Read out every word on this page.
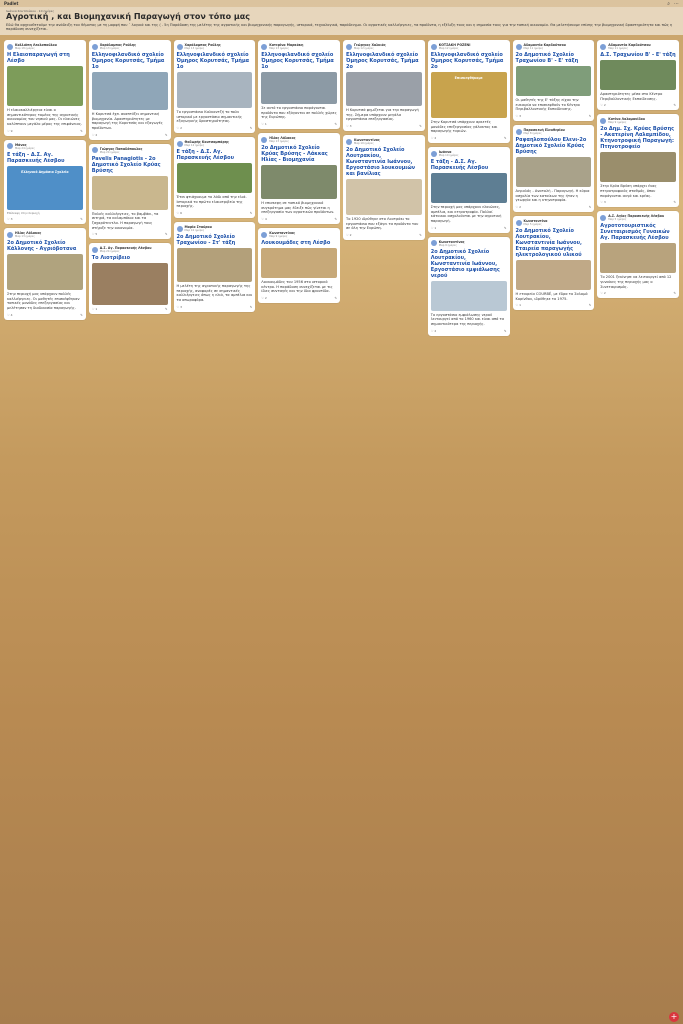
Padlet	⌕ ⋯
Ιωάννα Κουτσούκου · 10 ημέρες
Αγροτική , και Βιομηχανική Παραγωγή στον τόπο μας
Εδώ θα αρχειοθετούμε την ανάδειξη του θέματος με τη μορφή που ΄ λογικά και της ( . 5η Παράδοση της μελέτης της αγροτικής και βιομηχανικής παραγωγής, ιστορικά, τεχνολογικά, παράδειγμα. Οι αγροτικές καλλιέργειες, τα προϊόντα, η εξέλιξη τους και η σημασία τους για την τοπική οικονομία. Θα μελετήσουμε επίσης την βιομηχανική δραστηριότητα και πώς η παράδοση συνεχίζεται.
Καλλιόπη Λεολοπούλου
Μαρ 18 ημέρες
Η Ελαιοπαραγωγή στη Λέσβο
Η ελαιοκαλλιέργεια είναι ο σημαντικότερος τομέας της αγροτικής οικονομίας του νησιού μας. Οι ελαιώνες καλύπτουν μεγάλο μέρος της επιφάνειας.
♡ 9	✎
Μάνος
Μαρ 24 ημέρες
Ε τάξη - Δ.Σ. Αγ. Παρασκευής Λέσβου
Ελληνικό Δημόσιο Σχολείο
Επίσκεψη στην περιοχή
♡ 3	✎
Ηλίας Λόλακος
Μαρ 13 ημέρες
2ο Δημοτικό Σχολείο Κάλλονης - Αγριόβοτανα
Στην περιοχή μας υπάρχουν πολλές καλλιέργειες. Οι μαθητές επισκέφθηκαν τοπικές μονάδες επεξεργασίας και μελέτησαν τη διαδικασία παραγωγής.
♡ 4	✎
Χαράλαμπος Ρούλης
Μαρ 13 ημέρες
Ελληνοφιλανδικό σχολείο Όμηρος Κορυτσάς, Τμήμα 1ο
Η Κορυτσά έχει αναπτύξει σημαντική βιομηχανία. Δραστηριότητες με παραγωγή της Κορυτσάς και εξαγωγές προϊόντων.
♡ 2	✎
Γιώργος Παπαδόπουλος
Μαρ 24 ημέρες
Pavelis Panagiotis - 2ο Δημοτικό Σχολείο Κρύας Βρύσης
Παλιές καλλιέργειες, το βαμβάκι, τα σιτηρά, τα καλαμπόκια και τα ζαχαρότευτλα. Η παραγωγή τους στήριξε την οικονομία.
♡ 5	✎
Δ.Σ. Αγ. Παρασκευής Λέσβου
Μαρ 24 ημέρες
Το Λιοτρίβειο
♡ 1	✎
Χαράλαμπος Ρούλης
Μαρ 13 ημέρες
Ελληνοφιλανδικό σχολείο Όμηρος Κορυτσάς, Τμήμα 1ο
Το εργοστάσιο Καλκαντζή το πολυ ιστορικό με εργοστάσιο σημαντικής εξαγωγικής δραστηριότητας.
♡ 2	✎
Θοδωρής Κουτσαμπάρης
Μαρ 12 ημέρες
Ε τάξη - Δ.Σ. Αγ. Παρασκευής Λέσβου
Έτσι φτιάχνουμε το λάδι από την ελιά. Ιστορικά το πρώτο ελαιοτριβείο της περιοχής.
♡ 6	✎
Μαρία Σταύρου
Μαρ 10 ημέρες
2ο Δημοτικό Σχολείο Τραχωνίου - Στ' τάξη
Η μελέτη της αγροτικής παραγωγής της περιοχής, αναφορές σε σημαντικές καλλιέργειες όπως η ελιά, τα αμπέλια και τα οπωροφόρα.
♡ 3	✎
Κατερίνα Μαρκάκη
Μαρ 13 ημέρες
Ελληνοφιλανδικό σχολείο Όμηρος Κορυτσάς, Τμήμα 1ο
Σε αυτό το εργοστάσιο παράγονται προϊόντα που εξάγονται σε πολλές χώρες της Ευρώπης.
♡ 1	✎
Ηλίας Λόλακος
Μαρ 13 ημέρες
2ο Δημοτικό Σχολείο Κρύας Βρύσης - Λάκκας Ηλίας - Βιομηχανία
Η επισκεψη σε τοπικό βιομηχανικό συγκρότημα μας έδειξε πώς γίνεται η επεξεργασία των αγροτικών προϊόντων.
♡ 4	✎
Κωνσταντίνος
Μαρ 9 ημέρες
Λουκουμάδες στη Λέσβο
Λουκουμόδες του 1956 στο ιστορικό κέντρο. Η παράδοση συνεχίζεται με τις ίδιες συνταγές και την ίδια φροντίδα.
♡ 2	✎
Γεώργιος Χαλκιάς
Μαρ 12 ημέρες
Ελληνοφιλανδικό σχολείο Όμηρος Κορυτσάς, Τμήμα 2ο
Η Κορυτσά φημίζεται για την παραγωγή της. Σήμερα υπάρχουν μεγάλα εργοστάσια επεξεργασίας.
♡ 3	✎
Κωνσταντίνος
Μαρ 10 ημέρες
2ο Δημοτικό Σχολείο Λουτρακίου, Κωνσταντινία Ιωάννου, Εργοστάσιο λουκουμιών και βανίλιας
Το 1920 ιδρύθηκε στο Λουτράκι το εργοστάσιο που εξάγει τα προϊόντα του σε όλη την Ευρώπη.
♡ 2	✎
ΚΟΤΣΑΚΗ ΡΟΖΕΝΙ
Μαρ 12 ημέρες
Ελληνοφιλανδικό σχολείο Όμηρος Κορυτσάς, Τμήμα 2ο
Επισκεφθήκαμε
Στην Κορυτσά υπάρχουν αρκετές μονάδες επεξεργασίας γάλακτος και παραγωγής τυριών.
♡ 2	✎
Ιωάννα
Μαρ 10 ημέρες
Ε τάξη - Δ.Σ. Αγ. Παρασκευής Λέσβου
Στην περιοχή μας υπάρχουν ελαιώνες, αμπέλια, και κτηνοτροφία. Πολλοί κάτοικοι ασχολούνται με την αγροτική παραγωγή.
♡ 1	✎
Κωνσταντίνος
Μαρ 9 ημέρες
2ο Δημοτικό Σχολείο Λουτρακίου, Κωνσταντινία Ιωάννου, Εργοστάσιο εμφιάλωσης νερού
Το εργοστάσιο εμφιάλωσης νερού λειτουργεί από το 1960 και είναι από τα σημαντικότερα της περιοχής.
♡ 2	✎
Αδαμαντία Καρδούτσου
Μαρ 11 ημέρες
2ο Δημοτικό Σχολείο Τραχωνίου Β' - Ε' τάξη
Οι μαθητές της Ε' τάξης είχαν την ευκαιρία να επισκεφθούν το Κέντρο Περιβαλλοντικής Εκπαίδευσης.
♡ 3	✎
Παρασκευή Ελευθερίου
Μαρ 8 ημέρες
Ραφαηλοπούλου Ελενι-2ο Δημοτικό Σχολείο Κρύας Βρύσης
Αιγιαλός - Ανατολή - Παραγωγή. Η κύρια ασχολία των κατοίκων της ήταν η γεωργία και η κτηνοτροφία.
♡ 2	✎
Κωνσταντίνα
Μαρ 5 ημέρες
2ο Δημοτικό Σχολείο Λουτρακίου, Κωνσταντινία Ιωάννου, Εταιρεία παραγωγής ηλεκτρολογικού υλικού
Η εταιρεία COURBÉ, με έδρα το Σολομό Κορίνθου, ιδρύθηκε το 1975.
♡ 1	✎
Αδαμαντία Καρδούτσου
Μαρ 11 ημέρες
Δ.Σ. Τραχωνίου Β' - Ε' τάξη
Δραστηριότητες μέσα στο Κέντρο Περιβαλλοντικής Εκπαίδευσης.
♡ 2	✎
Κατίνα Λαλαμανίδου
Μαρ 9 ημέρες
2ο Δημ. Σχ. Κρύας Βρύσης - Ακατερίνη Λαλαμπίδου, Κτηνοτροφική Παραγωγή: Πτηνοτροφείο
Στην Κρύα Βρύση υπάρχει ένας πτηνοτροφικός σταθμός, όπου παράγονται αυγά και κρέας.
♡ 3	✎
Δ.Σ. Αγίας Παρασκευής Λέσβου
Μαρ 5 ημέρες
Αγροτοτουριστικός Συνεταιρισμός Γυναικών Αγ. Παρασκευής Λέσβου
Το 2001 ξεκίνησε να λειτουργεί από 12 γυναίκες της περιοχής μας ο Συνεταιρισμός.
♡ 2	✎
+
